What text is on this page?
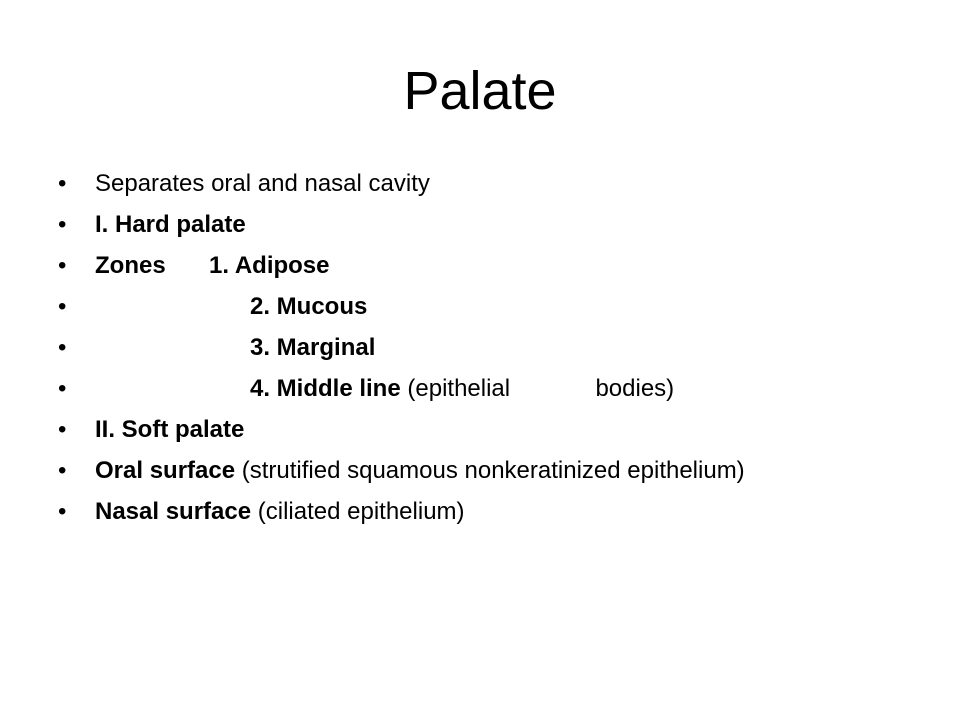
Palate
•	Separates oral and nasal cavity
•	I. Hard palate
•	Zones 1. Adipose
•	2. Mucous
•	3. Marginal
•	4. Middle line (epithelial	bodies)
•	II. Soft palate
•	Oral surface (strutified squamous nonkeratinized epithelium)
•	Nasal surface (ciliated epithelium)
